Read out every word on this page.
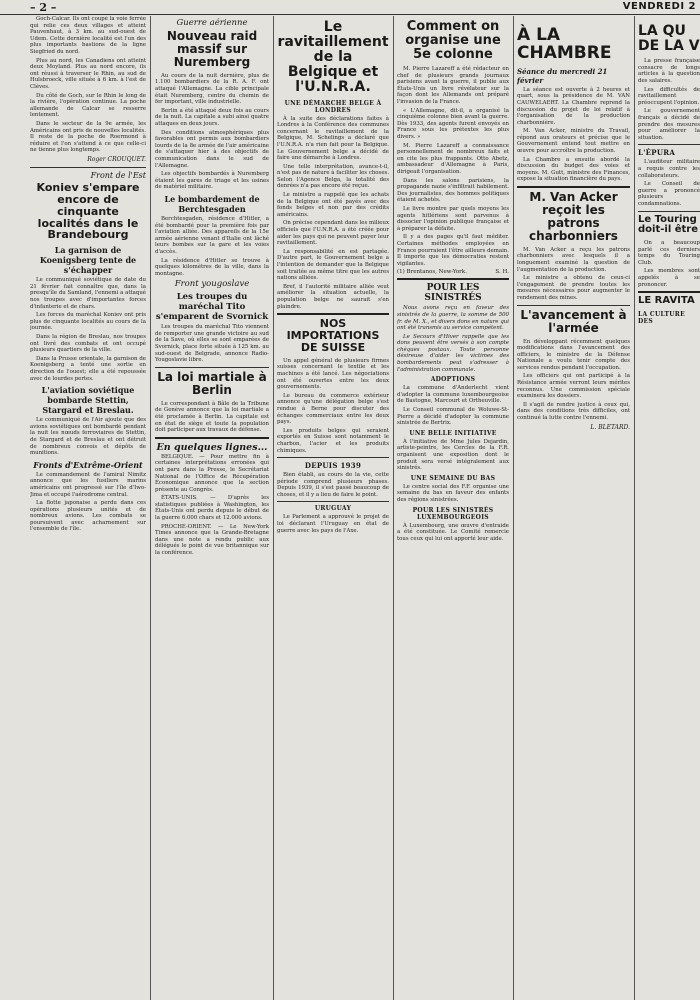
– 2 –	VENDREDI 2

Goch-Calcar. Ils ont coupé la voie ferrée qui relie ces deux villages et atteint Pauvenhaut, à 3 km. au sud-ouest de Udem. Cette dernière localité est l'un des plus importants bastions de la ligne Siegfried du nord.

Plus au nord, les Canadiens ont atteint deux Moyland. Plus au nord encore, ils ont réussi à traverser le Rhin, au sud de Hulsbroeck, ville située à 6 km. à l'est de Clèves.

Du côté de Goch, sur le Rhin le long de la rivière, l'opération continue. La poche allemande de Calcar se resserre lentement.

Dans le secteur de la 9e armée, les Américains ont pris de nouvelles localités. Il reste de la poche de Roermond à réduire et l'on s'attend à ce que celle-ci ne tienne plus longtemps.

Roger CROUQUET.
Front de l'Est
Koniev s'empare encore de cinquante localités dans le Brandebourg
La garnison de Koenigsberg tente de s'échapper

Le communiqué soviétique de date du 21 février fait connaître que, dans la presqu'île du Samland, l'ennemi a attaqué nos troupes avec d'importantes forces d'infanterie et de chars.

Les forces du maréchal Koniev ont pris plus de cinquante localités au cours de la journée.

Dans la région de Breslau, nos troupes ont livré des combats et ont occupé plusieurs quartiers de la ville.

Dans la Prusse orientale, la garnison de Koenigsberg a tenté une sortie en direction de l'ouest; elle a été repoussée avec de lourdes pertes.

L'aviation soviétique bombarde Stettin, Stargard et Breslau.

Le communiqué de l'Air ajoute que des avions soviétiques ont bombardé pendant la nuit les nœuds ferroviaires de Stettin, de Stargard et de Breslau et ont détruit de nombreux convois et dépôts de munitions.

Fronts d'Extrême-Orient

Le commandement de l'amiral Nimitz annonce que les fusiliers marins américains ont progressé sur l'île d'Iwo-Jima et occupé l'aérodrome central.

La flotte japonaise a perdu dans ces opérations plusieurs unités et de nombreux avions. Les combats se poursuivent avec acharnement sur l'ensemble de l'île.

Guerre aérienne
Nouveau raid massif sur Nuremberg

Au cours de la nuit dernière, plus de 1.100 bombardiers de la R. A. F. ont attaqué l'Allemagne. La cible principale était Nuremberg, centre du chemin de fer important, ville industrielle.

Berlin a été attaqué deux fois au cours de la nuit. La capitale a subi ainsi quatre attaques en deux jours.

Des conditions atmosphériques plus favorables ont permis aux bombardiers lourds de la 8e armée de l'air américaine de s'attaquer hier à des objectifs de communication dans le sud de l'Allemagne.

Les objectifs bombardés à Nuremberg étaient les gares de triage et les usines de matériel militaire.

Le bombardement de Berchtesgaden

Berchtesgaden, résidence d'Hitler, a été bombardé pour la première fois par l'aviation alliée. Des appareils de la 15e armée aérienne venant d'Italie ont lâché leurs bombes sur la gare et les voies d'accès.

La résidence d'Hitler se trouve à quelques kilomètres de la ville, dans la montagne.

Front yougoslave
Les troupes du maréchal Tito s'emparent de Svornick

Les troupes du maréchal Tito viennent de remporter une grande victoire au sud de la Save, où elles se sont emparées de Svornick, place forte située à 125 km. au sud-ouest de Belgrade, annonce Radio-Yougoslavie libre.

La loi martiale à Berlin

Le correspondant à Bâle de la Tribune de Genève annonce que la loi martiale a été proclamée à Berlin. La capitale est en état de siège et toute la population doit participer aux travaux de défense.

En quelques lignes...

BELGIQUE. — Pour mettre fin à certaines interprétations erronées qui ont paru dans la Presse, le Secrétariat National de l'Office de Récupération Économique annonce que la section présente au Congrès.

ÉTATS-UNIS. — D'après les statistiques publiées à Washington, les États-Unis ont perdu depuis le début de la guerre 6.000 chars et 12.000 avions.

PROCHE-ORIENT. — Le New-York Times annonce que la Grande-Bretagne dans une note a rendu public aux délégués le point de vue britannique sur la conférence.

Le ravitaillement de la Belgique et l'U.N.R.A.
UNE DÉMARCHE BELGE À LONDRES

À la suite des déclarations faites à Londres à la Conférence des communes concernant le ravitaillement de la Belgique, M. Schelings a déclaré que l'U.N.R.A. n'a rien fait pour la Belgique. Le Gouvernement belge a décidé de faire une démarche à Londres.

Une telle interprétation, avance-t-il, n'est pas de nature à faciliter les choses. Selon l'Agence Belga, la totalité des denrées n'a pas encore été reçue.

Le ministre a rappelé que les achats de la Belgique ont été payés avec des fonds belges et non par des crédits américains.

On précise cependant dans les milieux officiels que l'U.N.R.A. a été créée pour aider les pays qui ne peuvent payer leur ravitaillement.

La responsabilité en est partagée. D'autre part, le Gouvernement belge a l'intention de demander que la Belgique soit traitée au même titre que les autres nations alliées.

Bref, il l'autorité militaire alliée veut améliorer la situation actuelle, la population belge ne saurait s'en plaindre.

NOS IMPORTATIONS DE SUISSE

Un appel général de plusieurs firmes suisses concernant le textile et les machines a été lancé. Les négociations ont été ouvertes entre les deux gouvernements.

Le bureau du commerce extérieur annonce qu'une délégation belge s'est rendue à Berne pour discuter des échanges commerciaux entre les deux pays.

Les produits belges qui seraient exportés en Suisse sont notamment le charbon, l'acier et les produits chimiques.

DEPUIS 1939

Bien établi, au cours de la vie, cette période comprend plusieurs phases. Depuis 1939, il s'est passé beaucoup de choses, et il y a lieu de faire le point.

URUGUAY

Le Parlement a approuvé le projet de loi déclarant l'Uruguay en état de guerre avec les pays de l'Axe.

Comment on organise une 5e colonne

M. Pierre Lazareff a été rédacteur en chef de plusieurs grands journaux parisiens avant la guerre, il publie aux États-Unis un livre révélateur sur la façon dont les Allemands ont préparé l'invasion de la France.

« L'Allemagne, dit-il, a organisé la cinquième colonne bien avant la guerre. Dès 1933, des agents furent envoyés en France sous les prétextes les plus divers. »

M. Pierre Lazareff a connaissance personnellement de nombreux faits et en cite les plus frappants. Otto Abetz, ambassadeur d'Allemagne à Paris, dirigeait l'organisation.

Dans les salons parisiens, la propagande nazie s'infiltrait habilement. Des journalistes, des hommes politiques étaient achetés.

Le livre montre par quels moyens les agents hitlériens sont parvenus à dissocier l'opinion publique française et à préparer la défaite.

Il y a des pages qu'il faut méditer. Certaines méthodes employées en France pourraient l'être ailleurs demain. Il importe que les démocraties restent vigilantes.

(1) Brentanos, New-York.	S. H.
POUR LES SINISTRÉS

Nous avons reçu en faveur des sinistrés de la guerre, la somme de 500 fr. de M. X., et divers dons en nature qui ont été transmis au service compétent.

Le Secours d'Hiver rappelle que les dons peuvent être versés à son compte chèques postaux. Toute personne désireuse d'aider les victimes des bombardements peut s'adresser à l'administration communale.

ADOPTIONS

La commune d'Anderlecht vient d'adopter la commune luxembourgeoise de Bastogne, Marcourt et Ortheuville.

Le Conseil communal de Woluwe-St-Pierre a décidé d'adopter la commune sinistrée de Bertrix.

UNE BELLE INITIATIVE

À l'initiative de Mme Jules Dejardin, artiste-peintre, les Cercles de la F.R. organisent une exposition dont le produit sera versé intégralement aux sinistrés.

UNE SEMAINE DU BAS

Le centre social des F.F. organise une semaine du bas en faveur des enfants des régions sinistrées.

POUR LES SINISTRÉS LUXEMBOURGEOIS

À Luxembourg, une œuvre d'entraide a été constituée. Le Comité remercie tous ceux qui lui ont apporté leur aide.

À LA CHAMBRE
Séance du mercredi 21 février

La séance est ouverte à 2 heures et quart, sous la présidence de M. VAN CAUWELAERT. La Chambre reprend la discussion du projet de loi relatif à l'organisation de la production charbonnière.

M. Van Acker, ministre du Travail, répond aux orateurs et précise que le Gouvernement entend tout mettre en œuvre pour accroître la production.

La Chambre a ensuite abordé la discussion du budget des voies et moyens. M. Gutt, ministre des Finances, expose la situation financière du pays.

M. Van Acker reçoit les patrons charbonniers

M. Van Acker a reçu les patrons charbonniers avec lesquels il a longuement examiné la question de l'augmentation de la production.

Le ministre a obtenu de ceux-ci l'engagement de prendre toutes les mesures nécessaires pour augmenter le rendement des mines.

L'avancement à l'armée

En développant récemment quelques modifications dans l'avancement des officiers, le ministre de la Défense Nationale a voulu tenir compte des services rendus pendant l'occupation.

Les officiers qui ont participé à la Résistance armée verront leurs mérites reconnus. Une commission spéciale examinera les dossiers.

Il s'agit de rendre justice à ceux qui, dans des conditions très difficiles, ont continué la lutte contre l'ennemi.

L. BLETARD.
LA QU DE LA V

La presse française consacre de longs articles à la question des salaires.

Les difficultés de ravitaillement préoccupent l'opinion.

Le gouvernement français a décidé de prendre des mesures pour améliorer la situation.

L'ÉPURA

L'auditeur militaire a requis contre les collaborateurs.

Le Conseil de guerre a prononcé plusieurs condamnations.

Le Touring doit-il être

On a beaucoup parlé ces derniers temps du Touring Club.

Les membres sont appelés à se prononcer.

LE RAVITA
LA CULTURE DES
